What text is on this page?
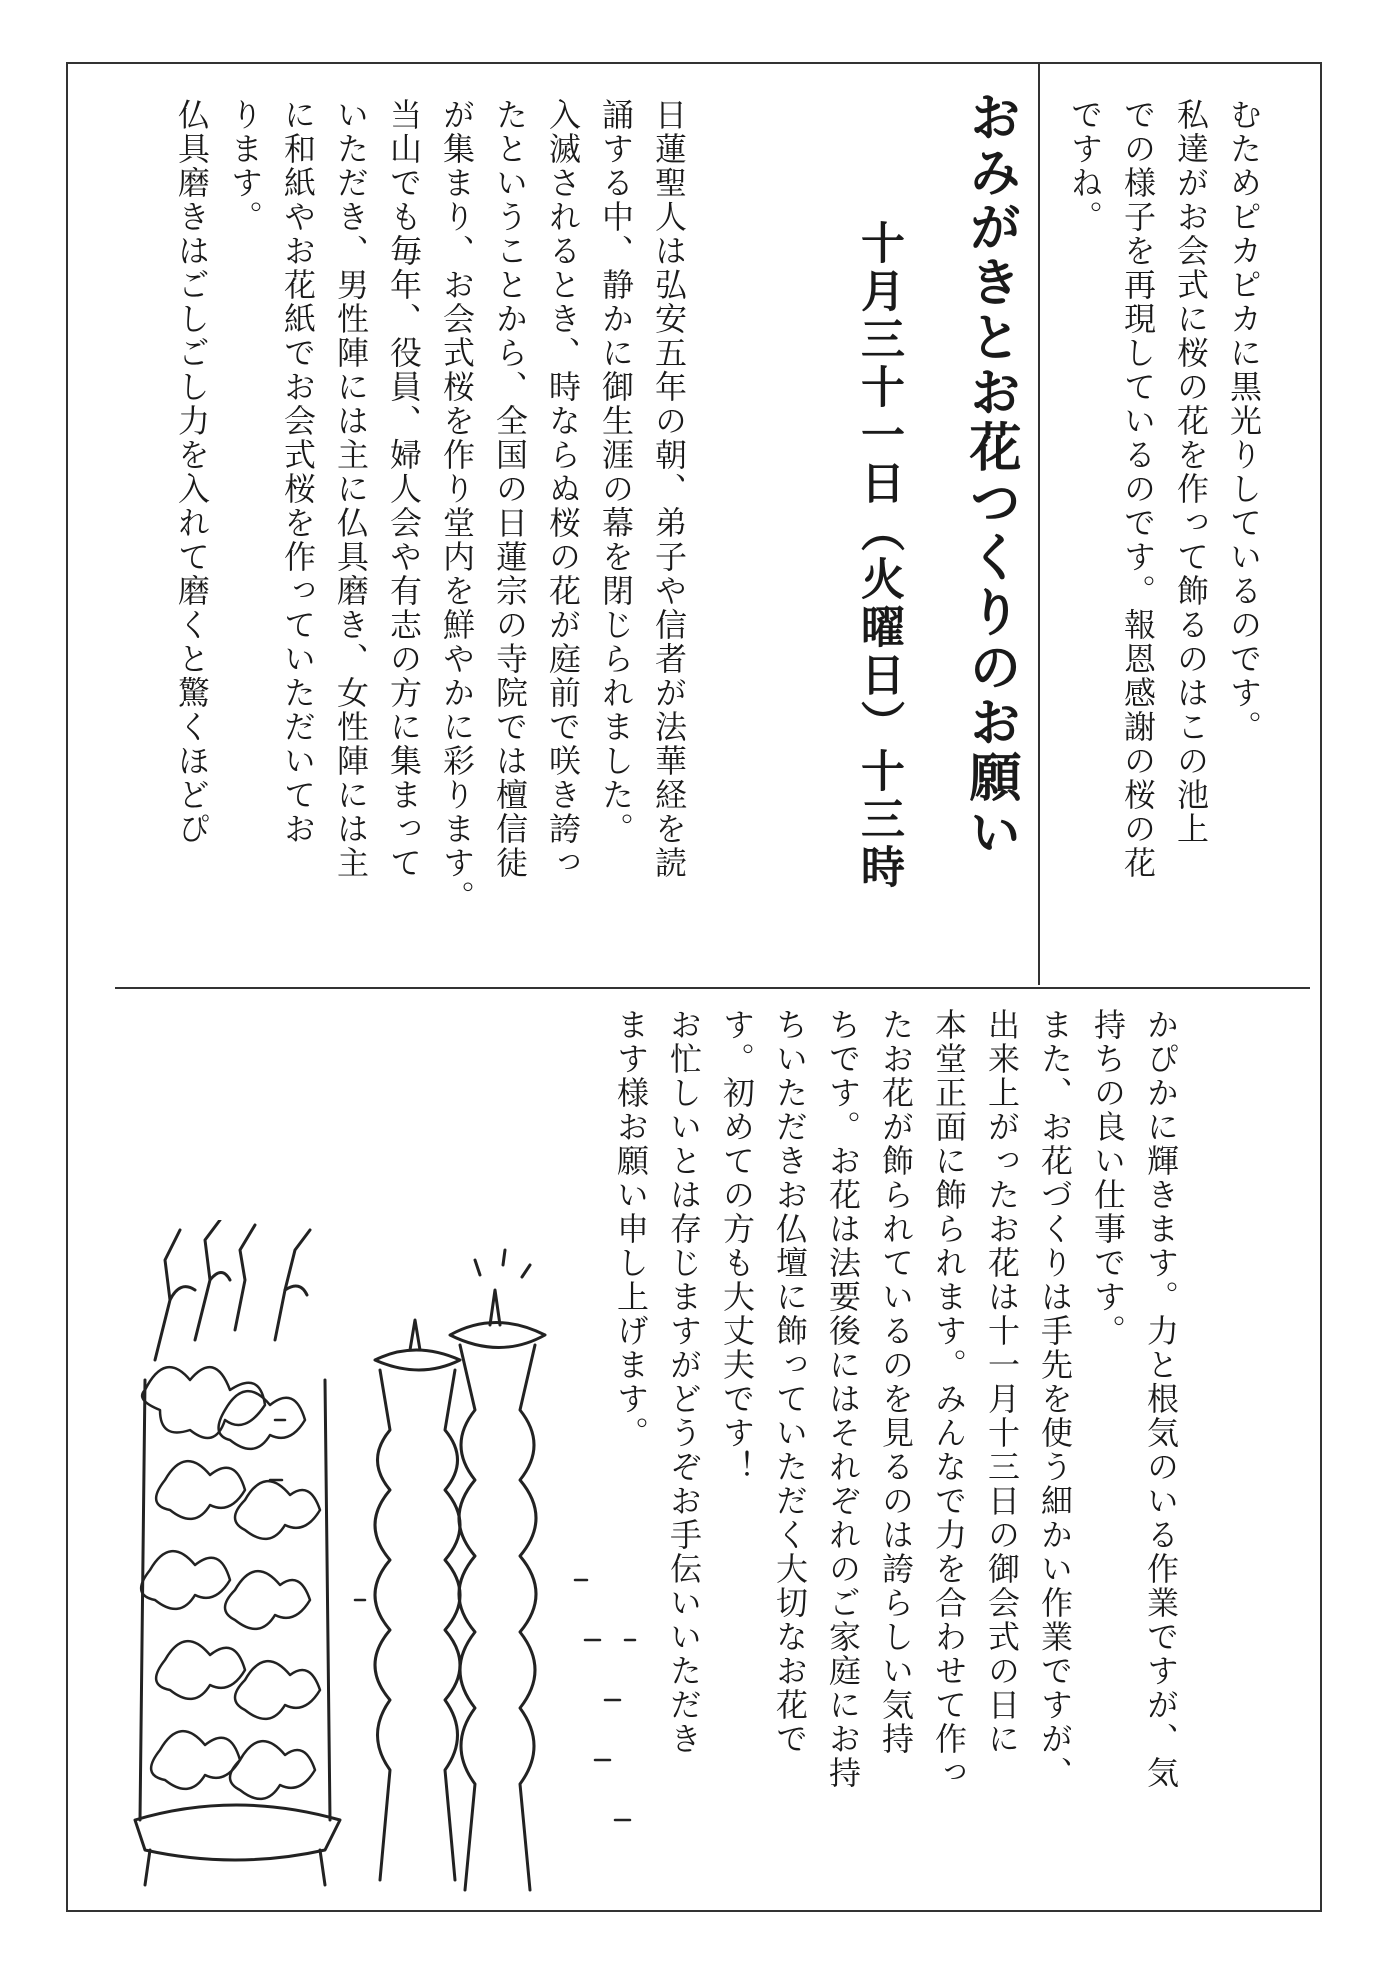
むためピカピカに黒光りしているのです。
私達がお会式に桜の花を作って飾るのはこの池上
での様子を再現しているのです。報恩感謝の桜の花
ですね。
おみがきとお花つくりのお願い
十月三十一日（火曜日）十三時
日蓮聖人は弘安五年の朝、弟子や信者が法華経を読
誦する中、静かに御生涯の幕を閉じられました。
入滅されるとき、時ならぬ桜の花が庭前で咲き誇っ
たということから、全国の日蓮宗の寺院では檀信徒
が集まり、お会式桜を作り堂内を鮮やかに彩ります。
当山でも毎年、役員、婦人会や有志の方に集まって
いただき、男性陣には主に仏具磨き、女性陣には主
に和紙やお花紙でお会式桜を作っていただいてお
ります。
仏具磨きはごしごし力を入れて磨くと驚くほどぴ
かぴかに輝きます。力と根気のいる作業ですが、気
持ちの良い仕事です。
また、お花づくりは手先を使う細かい作業ですが、
出来上がったお花は十一月十三日の御会式の日に
本堂正面に飾られます。みんなで力を合わせて作っ
たお花が飾られているのを見るのは誇らしい気持
ちです。お花は法要後にはそれぞれのご家庭にお持
ちいただきお仏壇に飾っていただく大切なお花で
す。初めての方も大丈夫です！
お忙しいとは存じますがどうぞお手伝いいただき
ます様お願い申し上げます。
